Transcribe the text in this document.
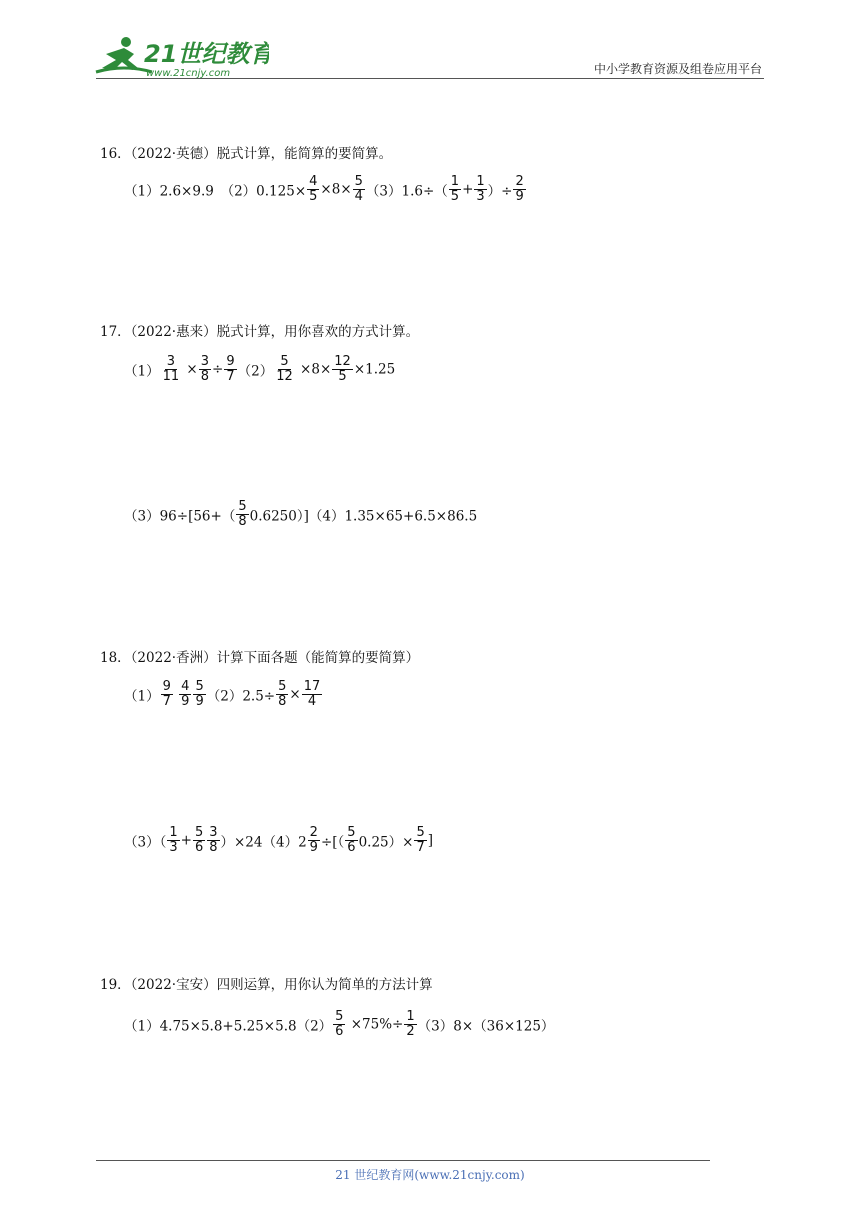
21世纪教育
www.21cnjy.com	中小学教育资源及组卷应用平台
16．（2022·英德）脱式计算，能简算的要简算。
（1）2.6×9.9　$(2)0.125\times \frac{4}{5} \times 8\times \frac{5}{4} (3)1.6\div( \frac{1}{5} + \frac{1}{3}$ ）÷ $\frac{2}{9}$
17．（2022·惠来）脱式计算，用你喜欢的方式计算。
$(1) \frac{3}{11} \times \frac{3}{8} \div \frac{9}{7} (2) \frac{5}{12} \times 8\times \frac{12}{5} \times 1.25$
$(3)96\div[56+( \frac{5}{8} 0.6250)](4)1.35\times 65+6.5\times 86.5$
18．（2022·香洲）计算下面各题（能简算的要简算）
$(1) \frac{9}{7}$
$\frac{4}{9} \frac{5}{9} (2)2.5\div \frac{5}{8} \times \frac{17}{4}$
$(3)( \frac{1}{3} + \frac{5}{6} \frac{3}{8} )\times 24(4)2 \frac{2}{9}$ ÷[（ $\frac{5}{6} 0.25)\times \frac{5}{7}$ ]
19．（2022·宝安）四则运算，用你认为简单的方法计算
$(1)4.75\times 5.8+5.25\times 5.8(2) \frac{5}{6} \times 75\%\div \frac{1}{2} (3)8\times(36\times 125)$
21 世纪教育网(www.21cnjy.com)
